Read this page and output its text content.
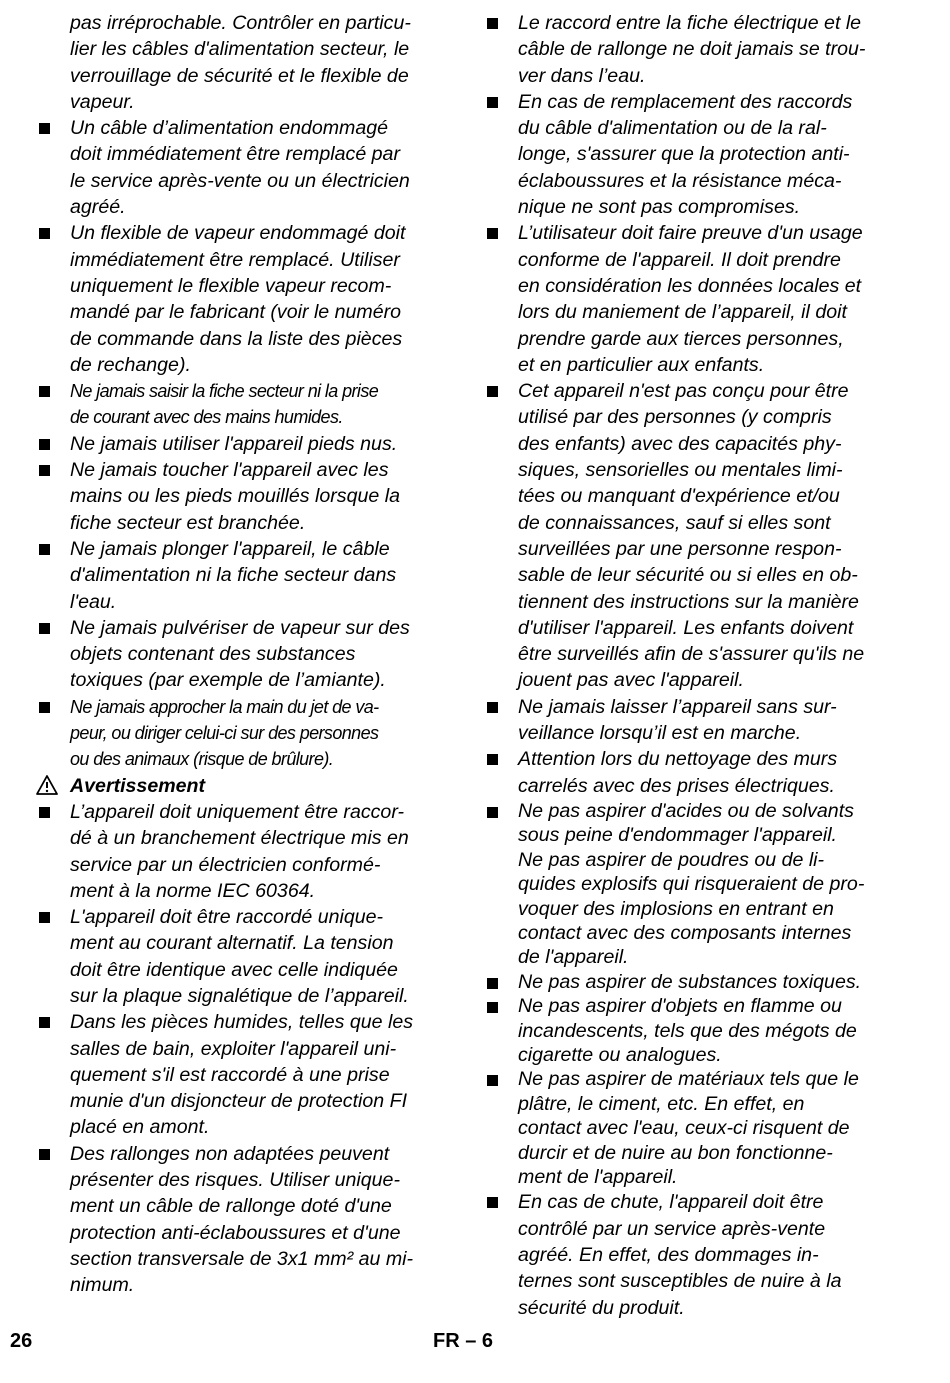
pas irréprochable. Contrôler en particu-
lier les câbles d'alimentation secteur, le
verrouillage de sécurité et le flexible de
vapeur.
Un câble d’alimentation endommagé
doit immédiatement être remplacé par
le service après-vente ou un électricien
agréé.
Un flexible de vapeur endommagé doit
immédiatement être remplacé. Utiliser
uniquement le flexible vapeur recom-
mandé par le fabricant (voir le numéro
de commande dans la liste des pièces
de rechange).
Ne jamais saisir la fiche secteur ni la prise
de courant avec des mains humides.
Ne jamais utiliser l'appareil pieds nus.
Ne jamais toucher l'appareil avec les
mains ou les pieds mouillés lorsque la
fiche secteur est branchée.
Ne jamais plonger l'appareil, le câble
d'alimentation ni la fiche secteur dans
l'eau.
Ne jamais pulvériser de vapeur sur des
objets contenant des substances
toxiques (par exemple de l’amiante).
Ne jamais approcher la main du jet de va-
peur, ou diriger celui-ci sur des personnes
ou des animaux (risque de brûlure).
Avertissement
L’appareil doit uniquement être raccor-
dé à un branchement électrique mis en
service par un électricien conformé-
ment à la norme IEC 60364.
L'appareil doit être raccordé unique-
ment au courant alternatif. La tension
doit être identique avec celle indiquée
sur la plaque signalétique de l’appareil.
Dans les pièces humides, telles que les
salles de bain, exploiter l'appareil uni-
quement s'il est raccordé à une prise
munie d'un disjoncteur de protection FI
placé en amont.
Des rallonges non adaptées peuvent
présenter des risques. Utiliser unique-
ment un câble de rallonge doté d'une
protection anti-éclaboussures et d'une
section transversale de 3x1 mm² au mi-
nimum.
Le raccord entre la fiche électrique et le
câble de rallonge ne doit jamais se trou-
ver dans l’eau.
En cas de remplacement des raccords
du câble d'alimentation ou de la ral-
longe, s'assurer que la protection anti-
éclaboussures et la résistance méca-
nique ne sont pas compromises.
L’utilisateur doit faire preuve d'un usage
conforme de l'appareil. Il doit prendre
en considération les données locales et
lors du maniement de l’appareil, il doit
prendre garde aux tierces personnes,
et en particulier aux enfants.
Cet appareil n'est pas conçu pour être
utilisé par des personnes (y compris
des enfants) avec des capacités phy-
siques, sensorielles ou mentales limi-
tées ou manquant d'expérience et/ou
de connaissances, sauf si elles sont
surveillées par une personne respon-
sable de leur sécurité ou si elles en ob-
tiennent des instructions sur la manière
d'utiliser l'appareil. Les enfants doivent
être surveillés afin de s'assurer qu'ils ne
jouent pas avec l'appareil.
Ne jamais laisser l’appareil sans sur-
veillance lorsqu’il est en marche.
Attention lors du nettoyage des murs
carrelés avec des prises électriques.
Ne pas aspirer d'acides ou de solvants
sous peine d'endommager l'appareil.
Ne pas aspirer de poudres ou de li-
quides explosifs qui risqueraient de pro-
voquer des implosions en entrant en
contact avec des composants internes
de l'appareil.
Ne pas aspirer de substances toxiques.
Ne pas aspirer d'objets en flamme ou
incandescents, tels que des mégots de
cigarette ou analogues.
Ne pas aspirer de matériaux tels que le
plâtre, le ciment, etc. En effet, en
contact avec l'eau, ceux-ci risquent de
durcir et de nuire au bon fonctionne-
ment de l'appareil.
En cas de chute, l'appareil doit être
contrôlé par un service après-vente
agréé. En effet, des dommages in-
ternes sont susceptibles de nuire à la
sécurité du produit.
26	FR – 6
